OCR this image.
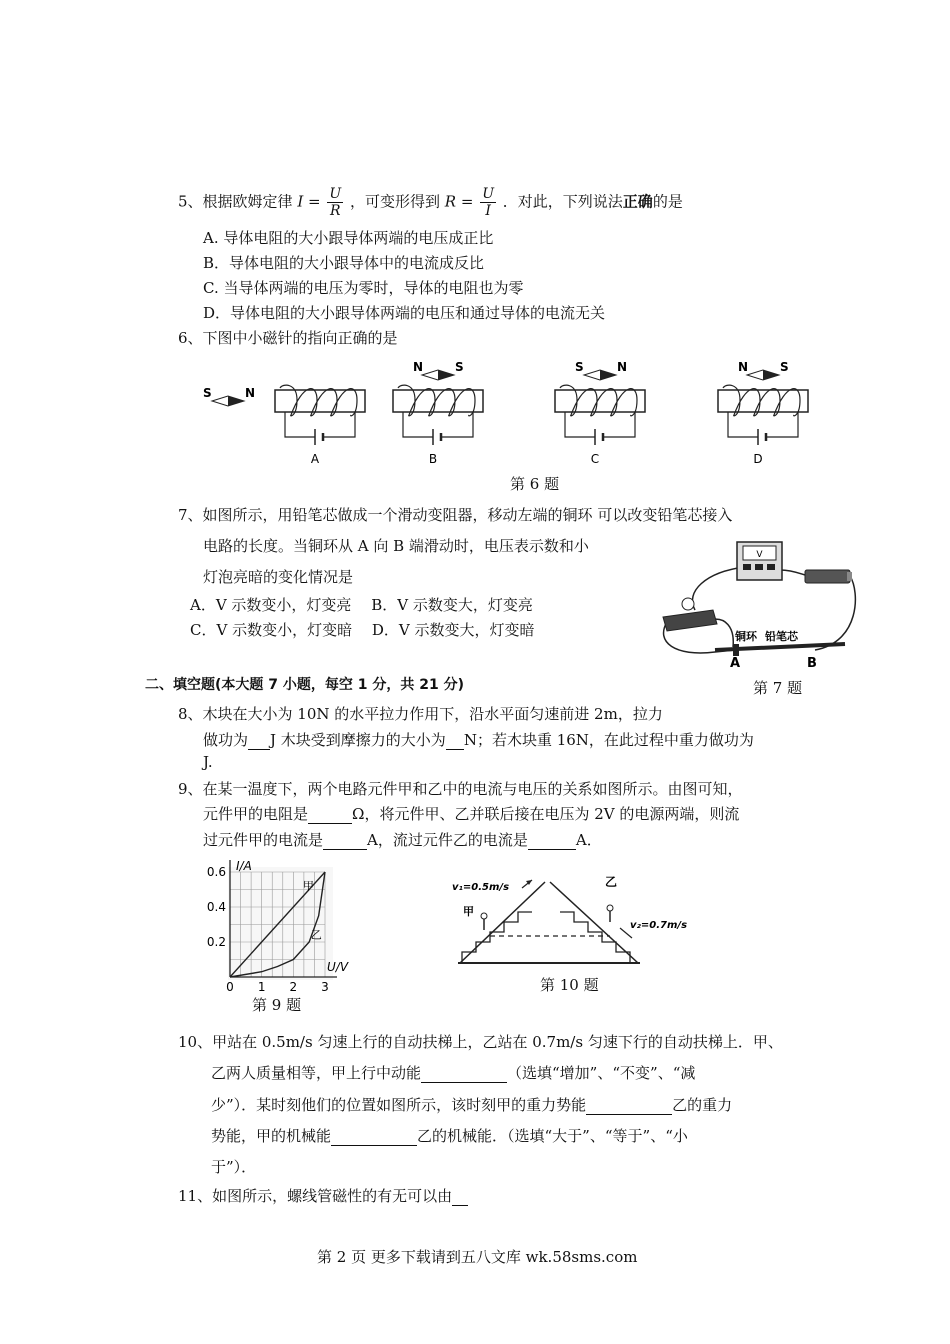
5、根据欧姆定律 $I = \frac{U}{R}$ ，可变形得到 $R = \frac{U}{I}$ ．对此，下列说法正确的是
A. 导体电阻的大小跟导体两端的电压成正比
B．导体电阻的大小跟导体中的电流成反比
C. 当导体两端的电压为零时，导体的电阻也为零
D．导体电阻的大小跟导体两端的电压和通过导体的电流无关
6、下图中小磁针的指向正确的是
S	N
A
N	S
B
S	N
C
N	S
D
第 6 题
7、如图所示，用铅笔芯做成一个滑动变阻器，移动左端的铜环 可以改变铅笔芯接入
电路的长度。当铜环从 A 向 B 端滑动时，电压表示数和小
灯泡亮暗的变化情况是
A．V 示数变小，灯变亮　 B．V 示数变大，灯变亮
C．V 示数变小，灯变暗　 D．V 示数变大，灯变暗
V
铜环 铅笔芯
A	B
第 7 题
二、填空题(本大题 7 小题，每空 1 分，共 21 分)
8、木块在大小为 10N 的水平拉力作用下，沿水平面匀速前进 2m，拉力
做功为 J 木块受到摩擦力的大小为 N；若木块重 16N，在此过程中重力做功为
J.
9、在某一温度下，两个电路元件甲和乙中的电流与电压的关系如图所示。由图可知，
元件甲的电阻是	Ω，将元件甲、乙并联后接在电压为 2V 的电源两端，则流
过元件甲的电流是	A，流过元件乙的电流是	A．
甲
乙
0.2
0.4
0.6
0 1 2 3
I/A
U/V
第 9 题
甲
乙
v₁=0.5m/s
v₂=0.7m/s
第 10 题
10、甲站在 0.5m/s 匀速上行的自动扶梯上，乙站在 0.7m/s 匀速下行的自动扶梯上．甲、
乙两人质量相等，甲上行中动能	（选填“增加”、“不变”、“减
少”）．某时刻他们的位置如图所示，该时刻甲的重力势能	乙的重力
势能，甲的机械能	乙的机械能．（选填“大于”、“等于”、“小
于”）．
11、如图所示，螺线管磁性的有无可以由
第 2 页 更多下载请到五八文库 wk.58sms.com
